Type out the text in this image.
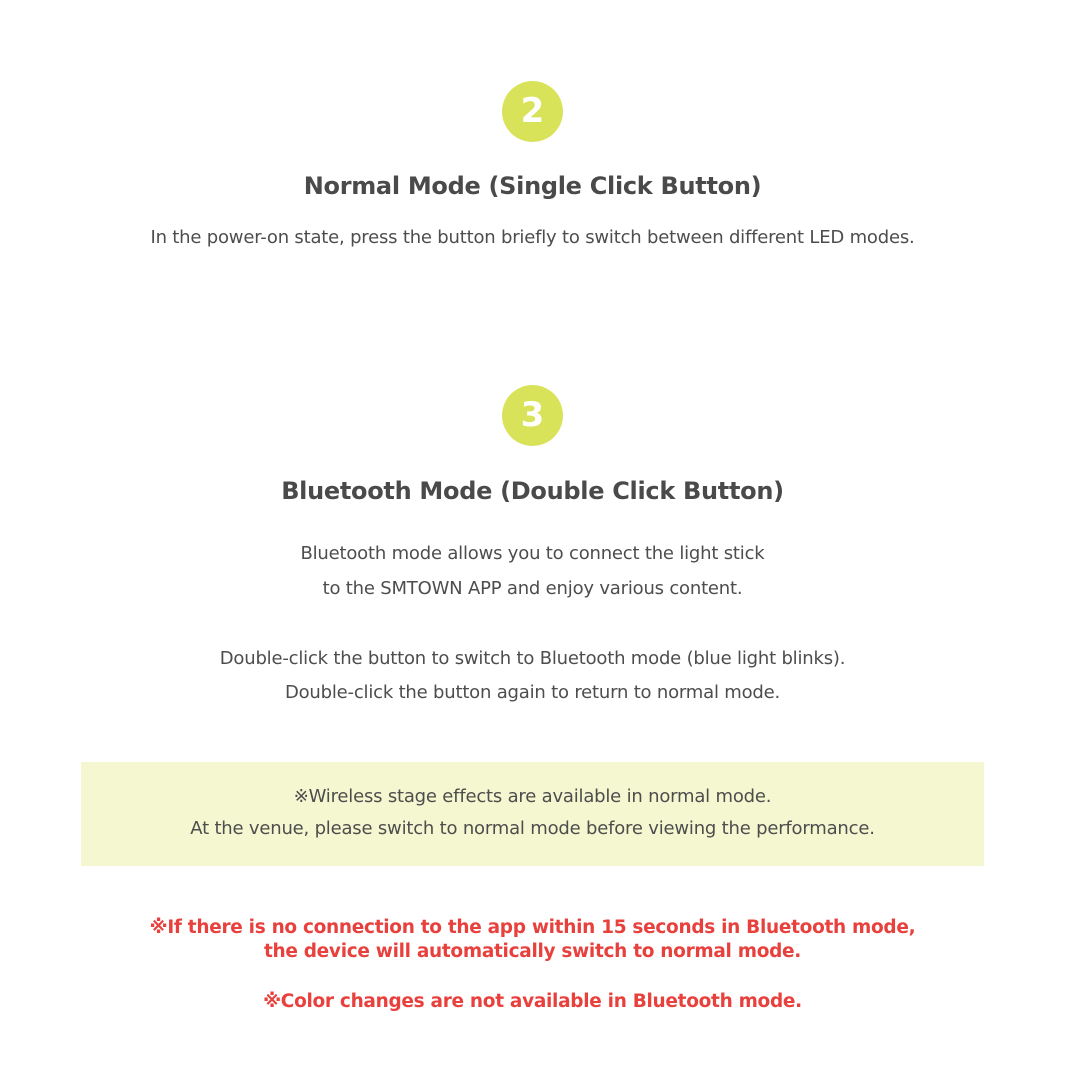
2
Normal Mode (Single Click Button)
In the power-on state, press the button briefly to switch between different LED modes.
3
Bluetooth Mode (Double Click Button)
Bluetooth mode allows you to connect the light stick
to the SMTOWN APP and enjoy various content.
Double-click the button to switch to Bluetooth mode (blue light blinks).
Double-click the button again to return to normal mode.
※Wireless stage effects are available in normal mode.
At the venue, please switch to normal mode before viewing the performance.
※If there is no connection to the app within 15 seconds in Bluetooth mode,
the device will automatically switch to normal mode.
※Color changes are not available in Bluetooth mode.
